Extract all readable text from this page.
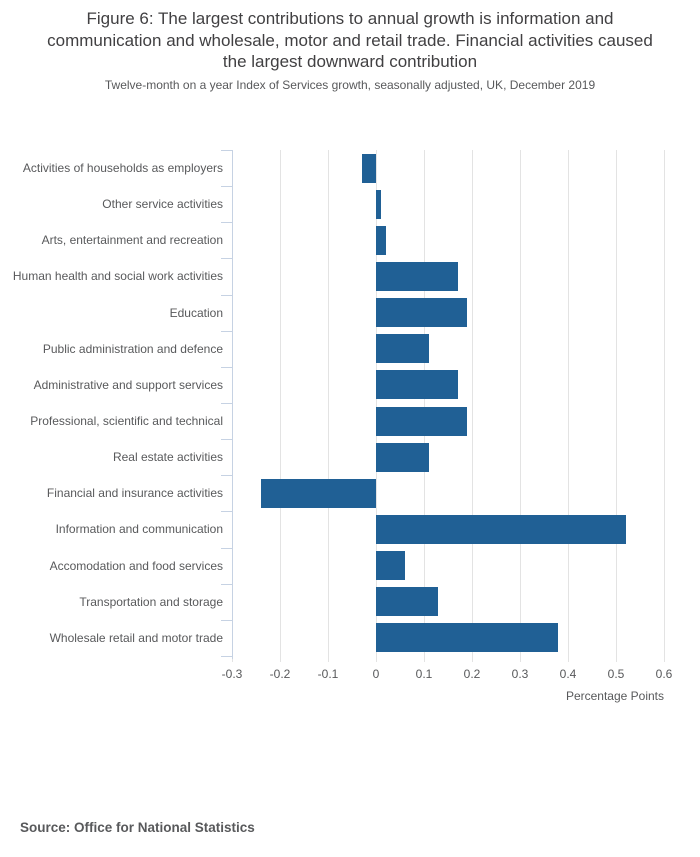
Figure 6: The largest contributions to annual growth is information and communication and wholesale, motor and retail trade. Financial activities caused the largest downward contribution
Twelve-month on a year Index of Services growth, seasonally adjusted, UK, December 2019
Activities of households as employers
Other service activities
Arts, entertainment and recreation
Human health and social work activities
Education
Public administration and defence
Administrative and support services
Professional, scientific and technical
Real estate activities
Financial and insurance activities
Information and communication
Accomodation and food services
Transportation and storage
Wholesale retail and motor trade
-0.3 -0.2 -0.1	0	0.1	0.2	0.3	0.4	0.5	0.6
Percentage Points
Source: Office for National Statistics
